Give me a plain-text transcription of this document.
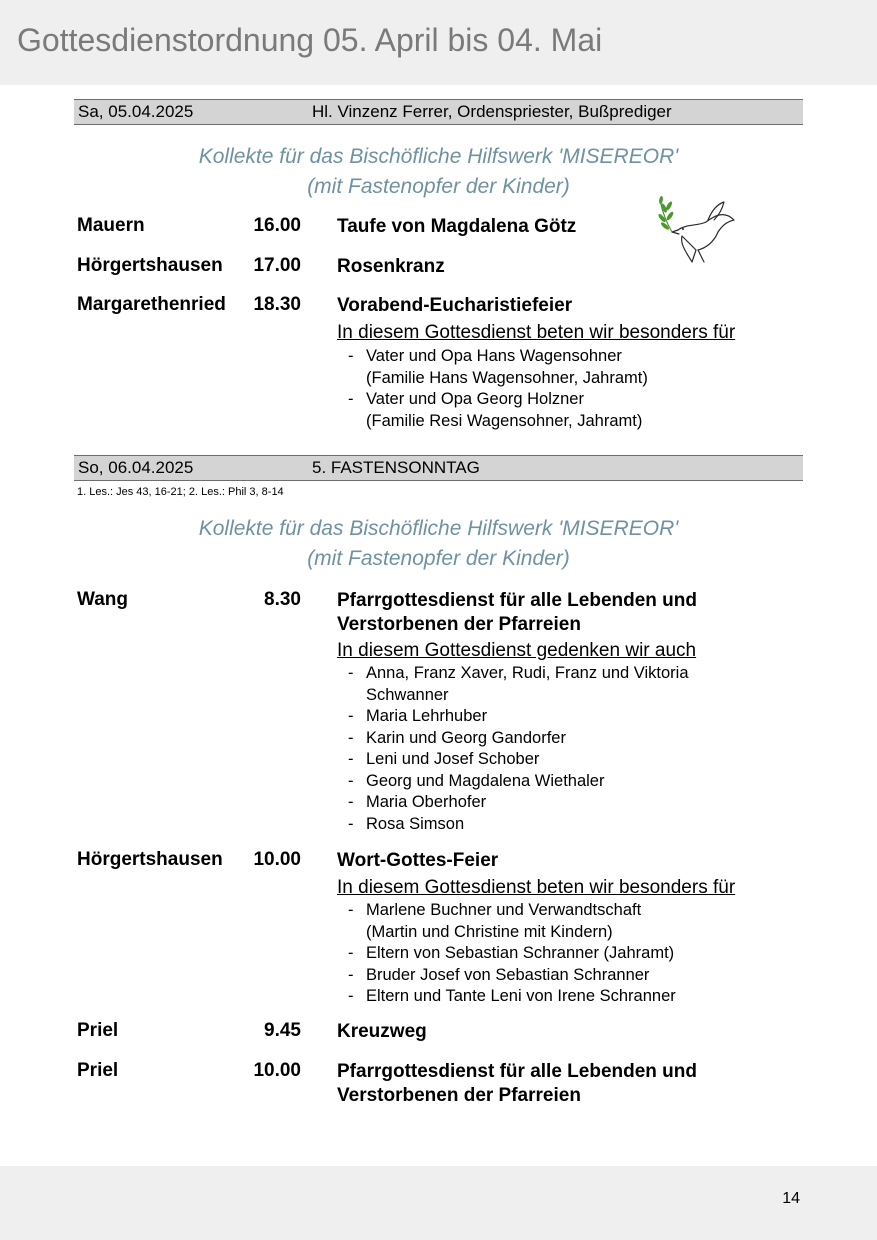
Gottesdienstordnung 05. April bis 04. Mai
Sa, 05.04.2025	Hl. Vinzenz Ferrer, Ordenspriester, Bußprediger
Kollekte für das Bischöfliche Hilfswerk 'MISEREOR'
(mit Fastenopfer der Kinder)
Mauern	16.00 Taufe von Magdalena Götz
Hörgertshausen 17.00 Rosenkranz
Margarethenried 18.30 Vorabend-Eucharistiefeier
In diesem Gottesdienst beten wir besonders für
- Vater und Opa Hans Wagensohner
(Familie Hans Wagensohner, Jahramt)
- Vater und Opa Georg Holzner
(Familie Resi Wagensohner, Jahramt)
So, 06.04.2025	5. FASTENSONNTAG
1. Les.: Jes 43, 16-21; 2. Les.: Phil 3, 8-14
Kollekte für das Bischöfliche Hilfswerk 'MISEREOR'
(mit Fastenopfer der Kinder)
Wang	8.30 Pfarrgottesdienst für alle Lebenden und
Verstorbenen der Pfarreien
In diesem Gottesdienst gedenken wir auch
- Anna, Franz Xaver, Rudi, Franz und Viktoria
Schwanner
- Maria Lehrhuber
- Karin und Georg Gandorfer
- Leni und Josef Schober
- Georg und Magdalena Wiethaler
- Maria Oberhofer
- Rosa Simson
Hörgertshausen 10.00 Wort-Gottes-Feier
In diesem Gottesdienst beten wir besonders für
- Marlene Buchner und Verwandtschaft
(Martin und Christine mit Kindern)
- Eltern von Sebastian Schranner (Jahramt)
- Bruder Josef von Sebastian Schranner
- Eltern und Tante Leni von Irene Schranner
Priel	9.45 Kreuzweg
Priel	10.00 Pfarrgottesdienst für alle Lebenden und
Verstorbenen der Pfarreien
14
